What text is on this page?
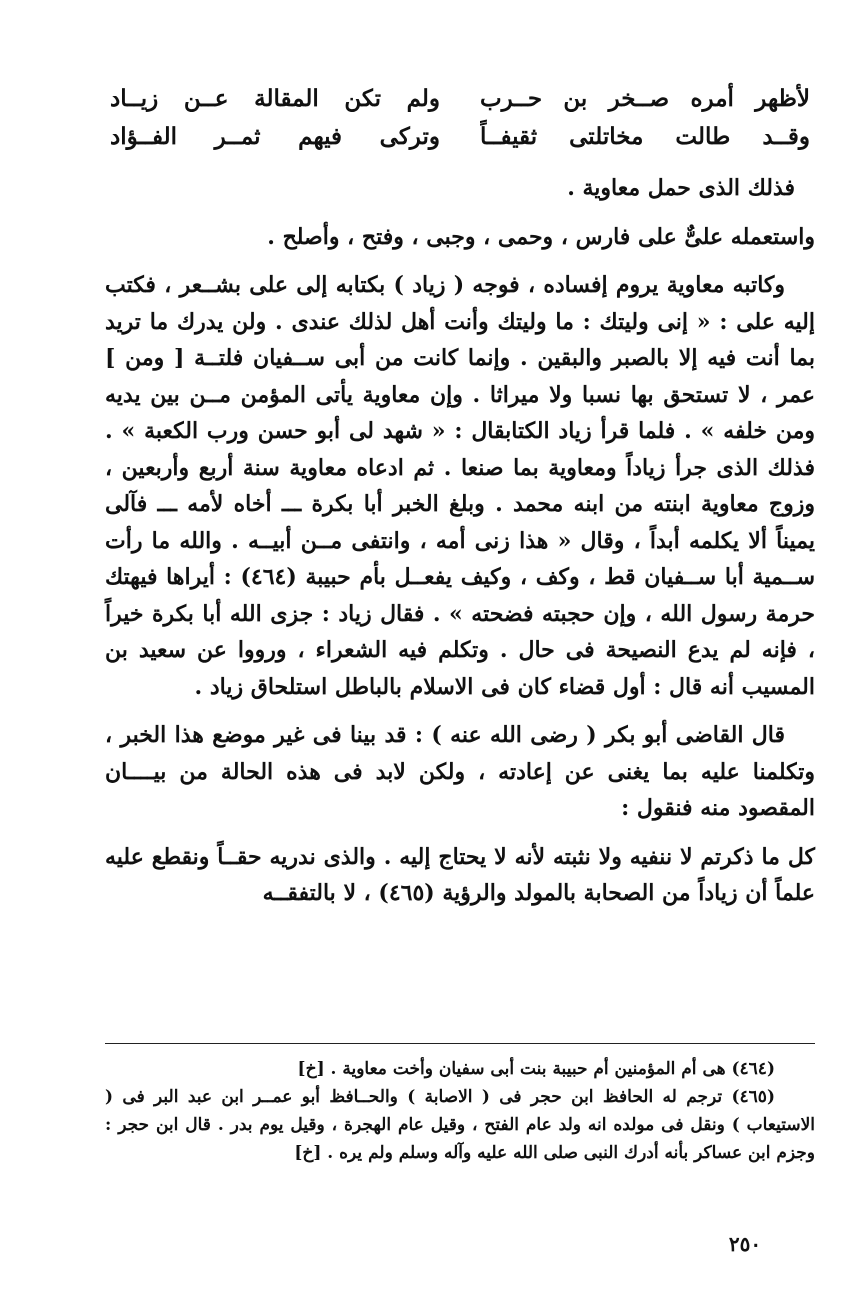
لأظهر أمره صــخر بن حــرب
ولم تكن المقالة عــن زيــاد
وقــد طالت مخاتلتى ثقيفــاً
وتركى فيهم ثمــر الفــؤاد

فذلك الذى حمل معاوية .

واستعمله علىٌّ على فارس ، وحمى ، وجبى ، وفتح ، وأصلح .

وكاتبه معاوية يروم إفساده ، فوجه ( زياد ) بكتابه إلى على بشــعر ، فكتب إليه على : « إنى وليتك : ما وليتك وأنت أهل لذلك عندى . ولن يدرك ما تريد بما أنت فيه إلا بالصبر والبقين . وإنما كانت من أبى ســفيان فلتــة [ ومن ] عمر ، لا تستحق بها نسبا ولا ميراثا . وإن معاوية يأتى المؤمن مــن بين يديه ومن خلفه » . فلما قرأ زياد الكتابقال : « شهد لى أبو حسن ورب الكعبة » . فذلك الذى جرأ زياداً ومعاوية بما صنعا . ثم ادعاه معاوية سنة أربع وأربعين ، وزوج معاوية ابنته من ابنه محمد . وبلغ الخبر أبا بكرة ـــ أخاه لأمه ـــ فآلى يميناً ألا يكلمه أبداً ، وقال « هذا زنى أمه ، وانتفى مــن أبيــه . والله ما رأت ســمية أبا ســفيان قط ، وكف ، وكيف يفعــل بأم حبيبة (٤٦٤) : أيراها فيهتك حرمة رسول الله ، وإن حجبته فضحته » . فقال زياد : جزى الله أبا بكرة خيراً ، فإنه لم يدع النصيحة فى حال . وتكلم فيه الشعراء ، ورووا عن سعيد بن المسيب أنه قال : أول قضاء كان فى الاسلام بالباطل استلحاق زياد .

قال القاضى أبو بكر ( رضى الله عنه ) : قد بينا فى غير موضع هذا الخبر ، وتكلمنا عليه بما يغنى عن إعادته ، ولكن لابد فى هذه الحالة من بيــــان المقصود منه فنقول :

كل ما ذكرتم لا ننفيه ولا نثبته لأنه لا يحتاج إليه . والذى ندريه حقــاً ونقطع عليه علماً أن زياداً من الصحابة بالمولد والرؤية (٤٦٥) ، لا بالتفقــه

(٤٦٤) هى أم المؤمنين أم حبيبة بنت أبى سفيان وأخت معاوية . [خ]

(٤٦٥) ترجم له الحافظ ابن حجر فى ( الاصابة ) والحــافظ أبو عمــر ابن عبد البر فى ( الاستيعاب ) ونقل فى مولده انه ولد عام الفتح ، وقيل عام الهجرة ، وقيل يوم بدر . قال ابن حجر : وجزم ابن عساكر بأنه أدرك النبى صلى الله عليه وآله وسلم ولم يره . [خ]

٢٥٠
